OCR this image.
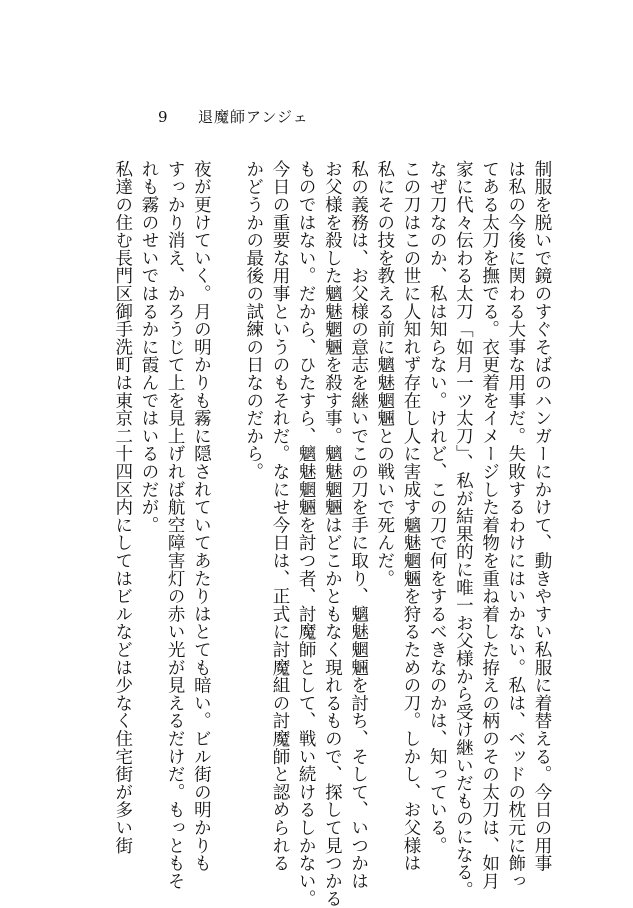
9 退魔師アンジェ
制服を脱いで鏡のすぐそばのハンガーにかけて、動きやすい私服に着替える。今日の用事
は私の今後に関わる大事な用事だ。失敗するわけにはいかない。私は、ベッドの枕元に飾っ
てある太刀を撫でる。衣更着をイメージした着物を重ね着した拵えの柄のその太刀は、如月
家に代々伝わる太刀「如月一ツ太刀」、私が結果的に唯一お父様から受け継いだものになる。
なぜ刀なのか、私は知らない。けれど、この刀で何をするべきなのかは、知っている。
この刀はこの世に人知れず存在し人に害成す魑魅魍魎を狩るための刀。しかし、お父様は
私にその技を教える前に魑魅魍魎との戦いで死んだ。
私の義務は、お父様の意志を継いでこの刀を手に取り、魑魅魍魎を討ち、そして、いつかは
お父様を殺した魑魅魍魎を殺す事。魑魅魍魎はどこかともなく現れるもので、探して見つかる
ものではない。だから、ひたすら、魑魅魍魎を討つ者、討魔師として、戦い続けるしかない。
今日の重要な用事というのもそれだ。なにせ今日は、正式に討魔組の討魔師と認められる
かどうかの最後の試練の日なのだから。
夜が更けていく。月の明かりも霧に隠されていてあたりはとても暗い。ビル街の明かりも
すっかり消え、かろうじて上を見上げれば航空障害灯の赤い光が見えるだけだ。もっともそ
れも霧のせいではるかに霞んではいるのだが。
私達の住む長門区御手洗町は東京二十四区内にしてはビルなどは少なく住宅街が多い街
